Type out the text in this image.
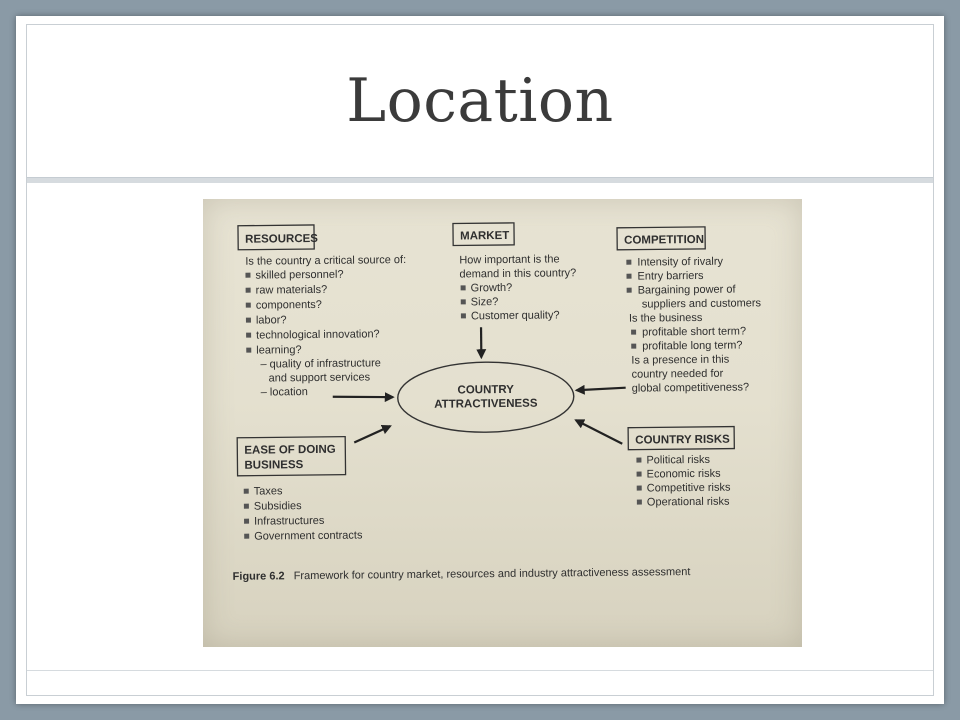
Location
RESOURCES
Is the country a critical source of:
skilled personnel?
raw materials?
components?
labor?
technological innovation?
learning?
– quality of infrastructure
and support services
– location
MARKET
How important is the
demand in this country?
Growth?
Size?
Customer quality?
COMPETITION
Intensity of rivalry
Entry barriers
Bargaining power of
suppliers and customers
Is the business
profitable short term?
profitable long term?
Is a presence in this
country needed for
global competitiveness?
COUNTRY
ATTRACTIVENESS
EASE OF DOING
BUSINESS
Taxes
Subsidies
Infrastructures
Government contracts
COUNTRY RISKS
Political risks
Economic risks
Competitive risks
Operational risks
Figure 6.2 Framework for country market, resources and industry attractiveness assessment
